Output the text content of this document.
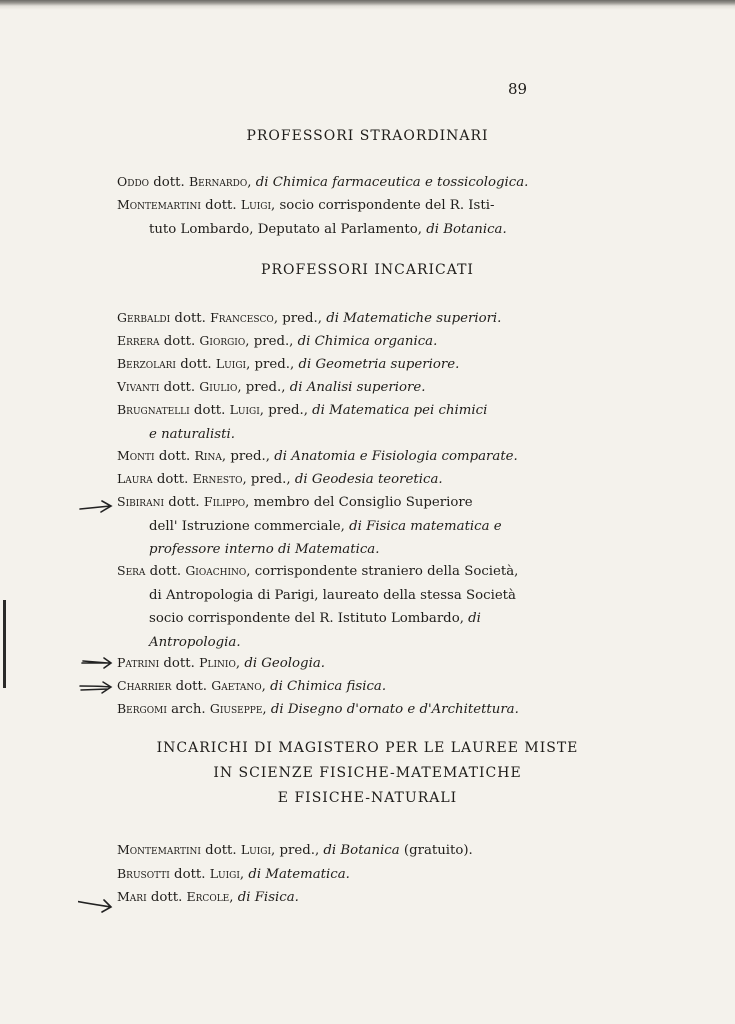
89
PROFESSORI STRAORDINARI
Oddo dott. Bernardo, di Chimica farmaceutica e tossicologica.
Montemartini dott. Luigi, socio corrispondente del R. Isti-
tuto Lombardo, Deputato al Parlamento, di Botanica.
PROFESSORI INCARICATI
Gerbaldi dott. Francesco, pred., di Matematiche superiori.
Errera dott. Giorgio, pred., di Chimica organica.
Berzolari dott. Luigi, pred., di Geometria superiore.
Vivanti dott. Giulio, pred., di Analisi superiore.
Brugnatelli dott. Luigi, pred., di Matematica pei chimici
e naturalisti.
Monti dott. Rina, pred., di Anatomia e Fisiologia comparate.
Laura dott. Ernesto, pred., di Geodesia teoretica.
Sibirani dott. Filippo, membro del Consiglio Superiore
dell' Istruzione commerciale, di Fisica matematica e
professore interno di Matematica.
Sera dott. Gioachino, corrispondente straniero della Società,
di Antropologia di Parigi, laureato della stessa Società
socio corrispondente del R. Istituto Lombardo, di
Antropologia.
Patrini dott. Plinio, di Geologia.
Charrier dott. Gaetano, di Chimica fisica.
Bergomi arch. Giuseppe, di Disegno d'ornato e d'Architettura.
INCARICHI DI MAGISTERO PER LE LAUREE MISTE
IN SCIENZE FISICHE-MATEMATICHE
E FISICHE-NATURALI
Montemartini dott. Luigi, pred., di Botanica (gratuito).
Brusotti dott. Luigi, di Matematica.
Mari dott. Ercole, di Fisica.
